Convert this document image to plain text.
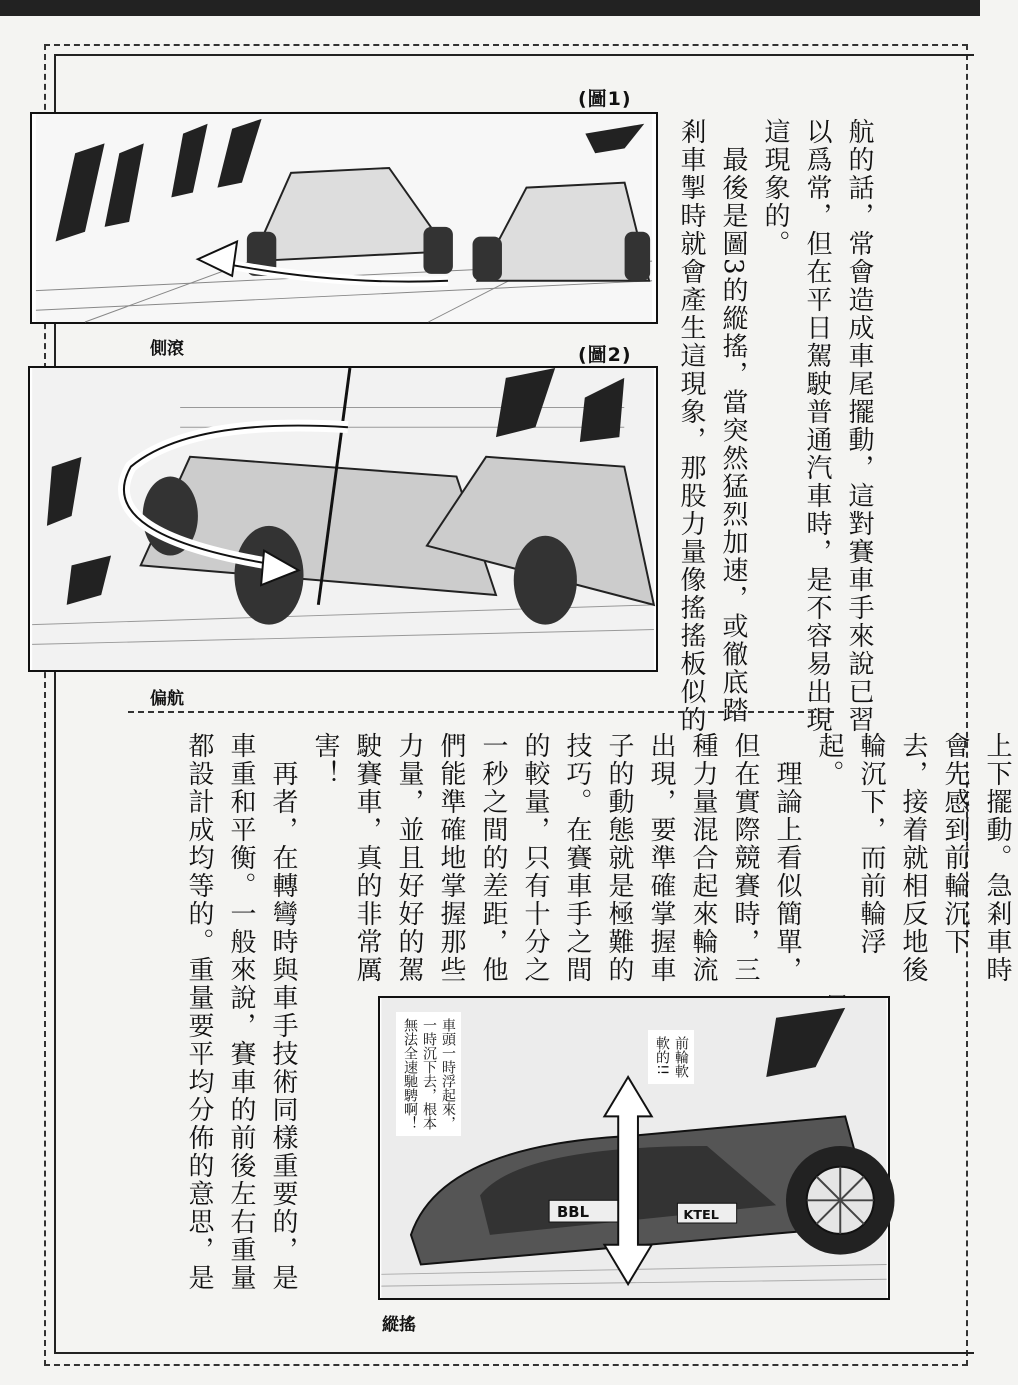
(圖1)
側滾	(圖2)
偏航	航的話，常會造成車尾擺動，這對賽車手來說已習
以爲常，但在平日駕駛普通汽車時，是不容易出現
這現象的。
　最後是圖3的縱搖，當突然猛烈加速，或徹底踏
剎車掣時就會產生這現象，那股力量像搖搖板似的
上下擺動。急剎車時
會先感到前輪沉下
去，接着就相反地後
輪沉下，而前輪浮
起。
　理論上看似簡單，
但在實際競賽時，三
種力量混合起來輪流
出現，要準確掌握車
子的動態就是極難的
技巧。在賽車手之間
的較量，只有十分之
一秒之間的差距，他
們能準確地掌握那些
力量，並且好好的駕
駛賽車，真的非常厲
害！
　再者，在轉彎時與車手技術同樣重要的，是
車重和平衡。一般來說，賽車的前後左右重量
都設計成均等的。重量要平均分佈的意思，是	BBL	KTEL
車頭一時浮起來，
一時沉下去，根本
無法全速馳騁啊！	前輪軟
軟的!!
縱搖
